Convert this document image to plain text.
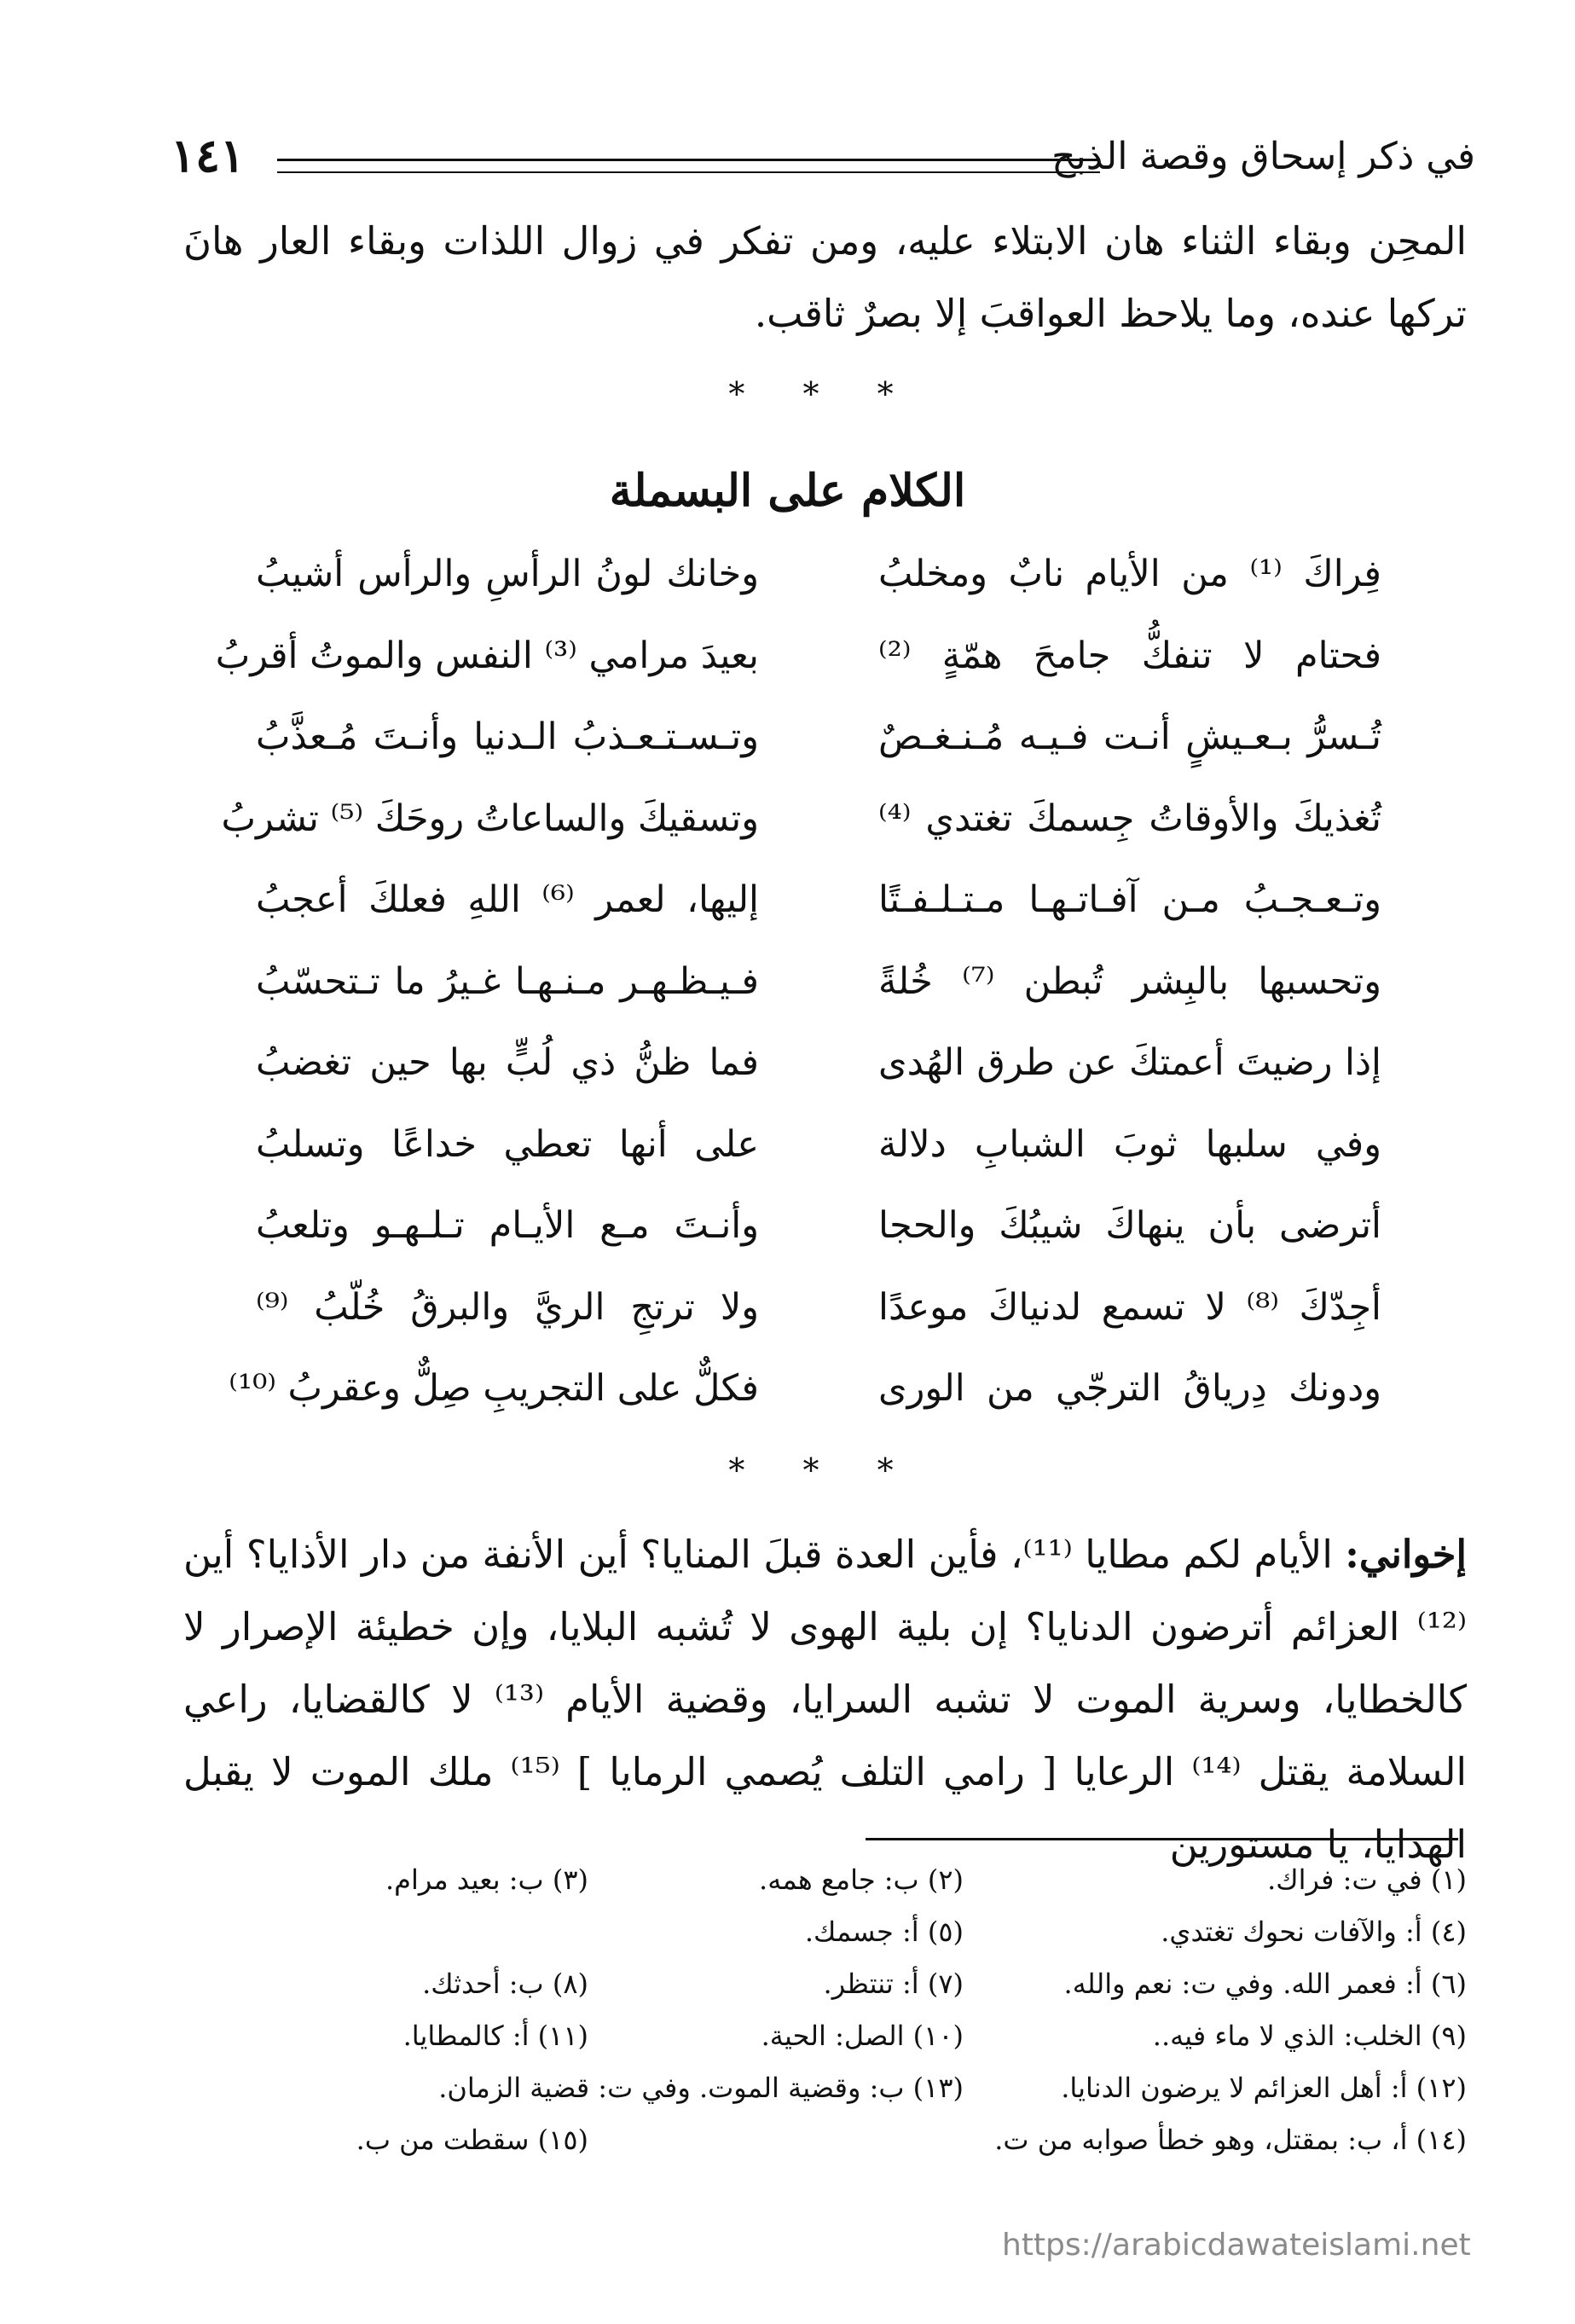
في ذكر إسحاق وقصة الذبح
١٤١
المحِن وبقاء الثناء هان الابتلاء عليه، ومن تفكر في زوال اللذات وبقاء العار هانَ تركها عنده، وما يلاحظ العواقبَ إلا بصرٌ ثاقب.
* * *
الكلام على البسملة
فِراكَ ⁽¹⁾ من الأيام نابٌ ومخلبُ
وخانك لونُ الرأسِ والرأس أشيبُ
فحتام لا تنفكُّ جامحَ همّةٍ ⁽²⁾
بعيدَ مرامي ⁽³⁾ النفس والموتُ أقربُ
تُـسرُّ بـعـيشٍ أنـت فـيـه مُـنـغـصٌ
وتـسـتـعـذبُ الـدنيا وأنـتَ مُـعذَّبُ
تُغذيكَ والأوقاتُ جِسمكَ تغتدي ⁽⁴⁾
وتسقيكَ والساعاتُ روحَكَ ⁽⁵⁾ تشربُ
وتـعـجـبُ مـن آفـاتـهـا مـتـلـفـتًا
إليها، لعمر ⁽⁶⁾ اللهِ فعلكَ أعجبُ
وتحسبها بالبِشر تُبطن ⁽⁷⁾ خُلةً
فـيـظـهـر مـنـهـا غـيرُ ما تـتحسّبُ
إذا رضيتَ أعمتكَ عن طرق الهُدى
فما ظنُّ ذي لُبٍّ بها حين تغضبُ
وفي سلبها ثوبَ الشبابِ دلالة
على أنها تعطي خداعًا وتسلبُ
أترضى بأن ينهاكَ شيبُكَ والحجا
وأنـتَ مـع الأيـام تـلـهـو وتلعبُ
أجِدّكَ ⁽⁸⁾ لا تسمع لدنياكَ موعدًا
ولا ترتجِ الريَّ والبرقُ خُلّبُ ⁽⁹⁾
ودونك دِرياقُ الترجّي من الورى
فكلٌّ على التجريبِ صِلٌّ وعقربُ ⁽¹⁰⁾
* * *
إخواني: الأيام لكم مطايا ⁽¹¹⁾، فأين العدة قبلَ المنايا؟ أين الأنفة من دار الأذايا؟ أين ⁽¹²⁾ العزائم أترضون الدنايا؟ إن بلية الهوى لا تُشبه البلايا، وإن خطيئة الإصرار لا كالخطايا، وسرية الموت لا تشبه السرايا، وقضية الأيام ⁽¹³⁾ لا كالقضايا، راعي السلامة يقتل ⁽¹⁴⁾ الرعايا [ رامي التلف يُصمي الرمايا ] ⁽¹⁵⁾ ملك الموت لا يقبل الهدايا، يا مستورين
(١) في ت: فراك.
(٢) ب: جامع همه.
(٣) ب: بعيد مرام.
(٤) أ: والآفات نحوك تغتدي.
(٥) أ: جسمك.
(٦) أ: فعمر الله. وفي ت: نعم والله.
(٧) أ: تنتظر.
(٨) ب: أحدثك.
(٩) الخلب: الذي لا ماء فيه..
(١٠) الصل: الحية.
(١١) أ: كالمطايا.
(١٢) أ: أهل العزائم لا يرضون الدنايا.
(١٣) ب: وقضية الموت. وفي ت: قضية الزمان.
(١٤) أ، ب: بمقتل، وهو خطأ صوابه من ت.
(١٥) سقطت من ب.
https://arabicdawateislami.net
